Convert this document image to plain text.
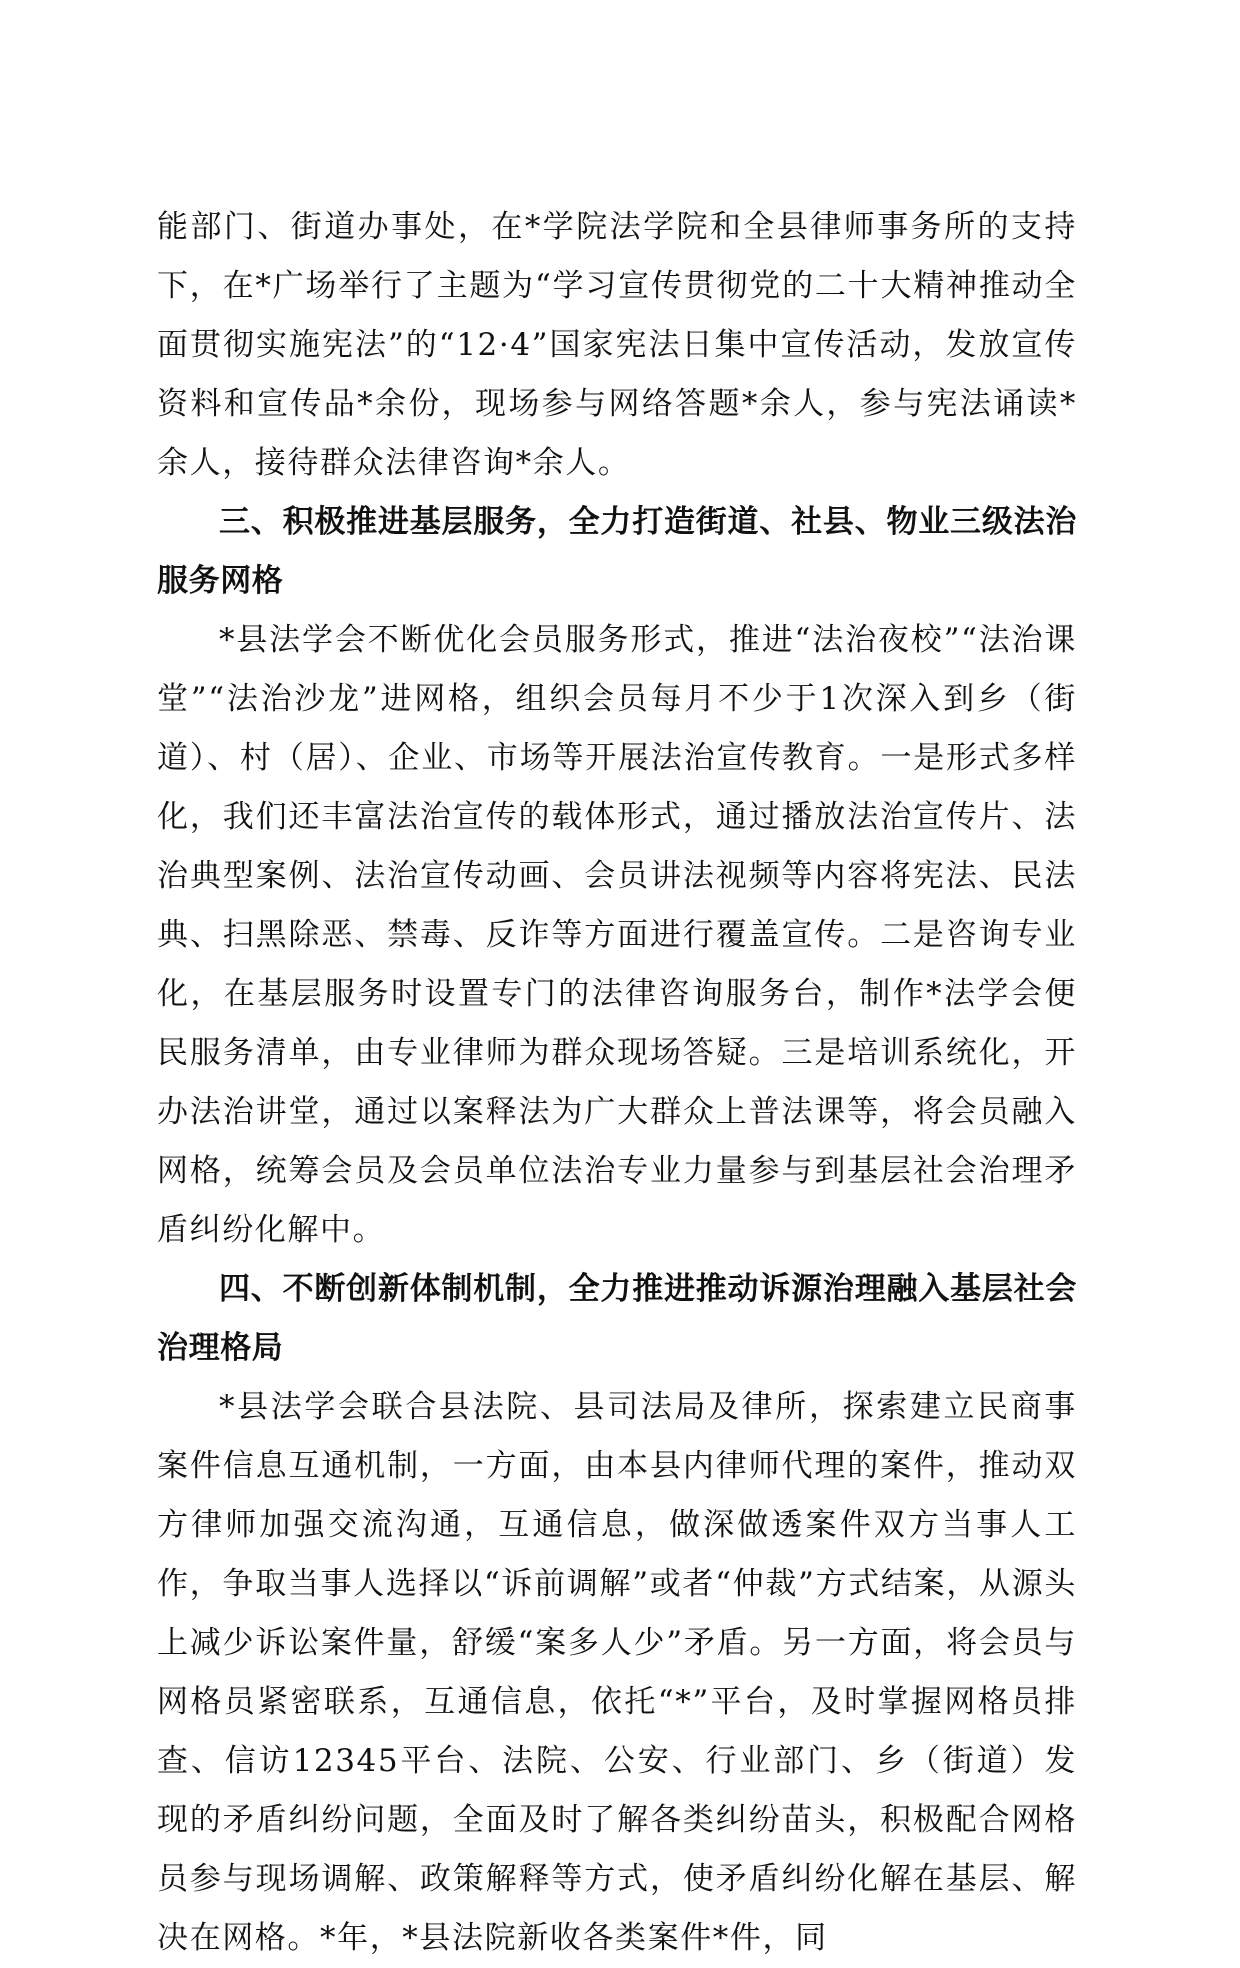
能部门、街道办事处，在*学院法学院和全县律师事务所的支持下，在*广场举行了主题为“学习宣传贯彻党的二十大精神推动全面贯彻实施宪法”的“12·4”国家宪法日集中宣传活动，发放宣传资料和宣传品*余份，现场参与网络答题*余人，参与宪法诵读*余人，接待群众法律咨询*余人。

三、积极推进基层服务，全力打造街道、社县、物业三级法治服务网格

*县法学会不断优化会员服务形式，推进“法治夜校”“法治课堂”“法治沙龙”进网格，组织会员每月不少于1次深入到乡（街道）、村（居）、企业、市场等开展法治宣传教育。一是形式多样化，我们还丰富法治宣传的载体形式，通过播放法治宣传片、法治典型案例、法治宣传动画、会员讲法视频等内容将宪法、民法典、扫黑除恶、禁毒、反诈等方面进行覆盖宣传。二是咨询专业化，在基层服务时设置专门的法律咨询服务台，制作*法学会便民服务清单，由专业律师为群众现场答疑。三是培训系统化，开办法治讲堂，通过以案释法为广大群众上普法课等，将会员融入网格，统筹会员及会员单位法治专业力量参与到基层社会治理矛盾纠纷化解中。

四、不断创新体制机制，全力推进推动诉源治理融入基层社会治理格局

*县法学会联合县法院、县司法局及律所，探索建立民商事案件信息互通机制，一方面，由本县内律师代理的案件，推动双方律师加强交流沟通，互通信息，做深做透案件双方当事人工作，争取当事人选择以“诉前调解”或者“仲裁”方式结案，从源头上减少诉讼案件量，舒缓“案多人少”矛盾。另一方面，将会员与网格员紧密联系，互通信息，依托“*”平台，及时掌握网格员排查、信访12345平台、法院、公安、行业部门、乡（街道）发现的矛盾纠纷问题，全面及时了解各类纠纷苗头，积极配合网格员参与现场调解、政策解释等方式，使矛盾纠纷化解在基层、解决在网格。*年，*县法院新收各类案件*件，同
